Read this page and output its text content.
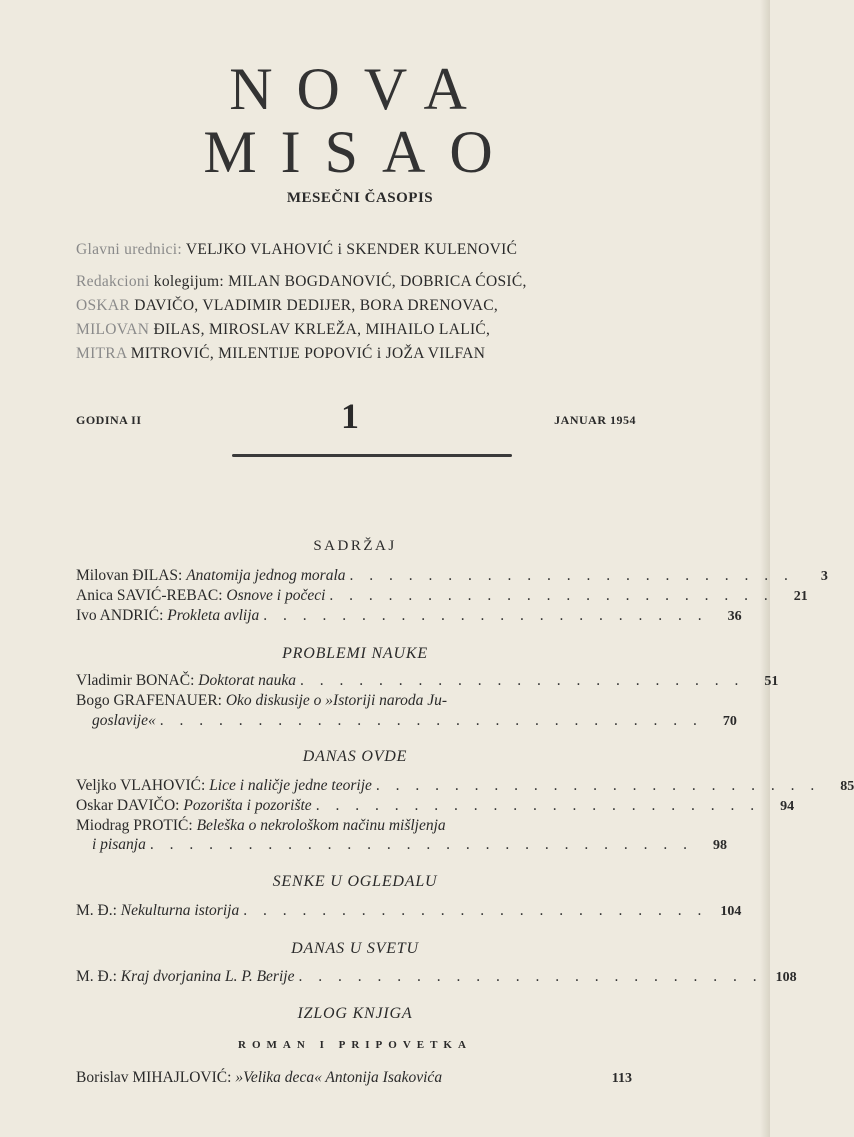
NOVA
MISAO
MESEČNI ČASOPIS
Glavni urednici: VELJKO VLAHOVIĆ i SKENDER KULENOVIĆ
Redakcioni kolegijum: MILAN BOGDANOVIĆ, DOBRICA ĆOSIĆ,
OSKAR DAVIČO, VLADIMIR DEDIJER, BORA DRENOVAC,
MILOVAN ĐILAS, MIROSLAV KRLEŽA, MIHAILO LALIĆ,
MITRA MITROVIĆ, MILENTIJE POPOVIĆ i JOŽA VILFAN
GODINA II	1	JANUAR 1954
SADRŽAJ
Milovan ĐILAS: Anatomija jednog morala . . . . . . . . . . . . . . . . . . . . . . .	3
Anica SAVIĆ-REBAC: Osnove i počeci . . . . . . . . . . . . . . . . . . . . . . .	21
Ivo ANDRIĆ: Prokleta avlija . . . . . . . . . . . . . . . . . . . . . . .	36
PROBLEMI NAUKE
Vladimir BONAČ: Doktorat nauka . . . . . . . . . . . . . . . . . . . . . . .	51
Bogo GRAFENAUER: Oko diskusije o »Istoriji naroda Ju-
goslavije« . . . . . . . . . . . . . . . . . . . . . . . . . . . .	70
DANAS OVDE
Veljko VLAHOVIĆ: Lice i naličje jedne teorije . . . . . . . . . . . . . . . . . . . . . . .	85
Oskar DAVIČO: Pozorišta i pozorište . . . . . . . . . . . . . . . . . . . . . . .	94
Miodrag PROTIĆ: Beleška o nekrološkom načinu mišljenja
i pisanja . . . . . . . . . . . . . . . . . . . . . . . . . . . .	98
SENKE U OGLEDALU
M. Đ.: Nekulturna istorija . . . . . . . . . . . . . . . . . . . . . . . . 104
DANAS U SVETU
M. Đ.: Kraj dvorjanina L. P. Berije . . . . . . . . . . . . . . . . . . . . . . . . 108
IZLOG KNJIGA
ROMAN I PRIPOVETKA
Borislav MIHAJLOVIĆ: »Velika deca« Antonija Isakovića	113
